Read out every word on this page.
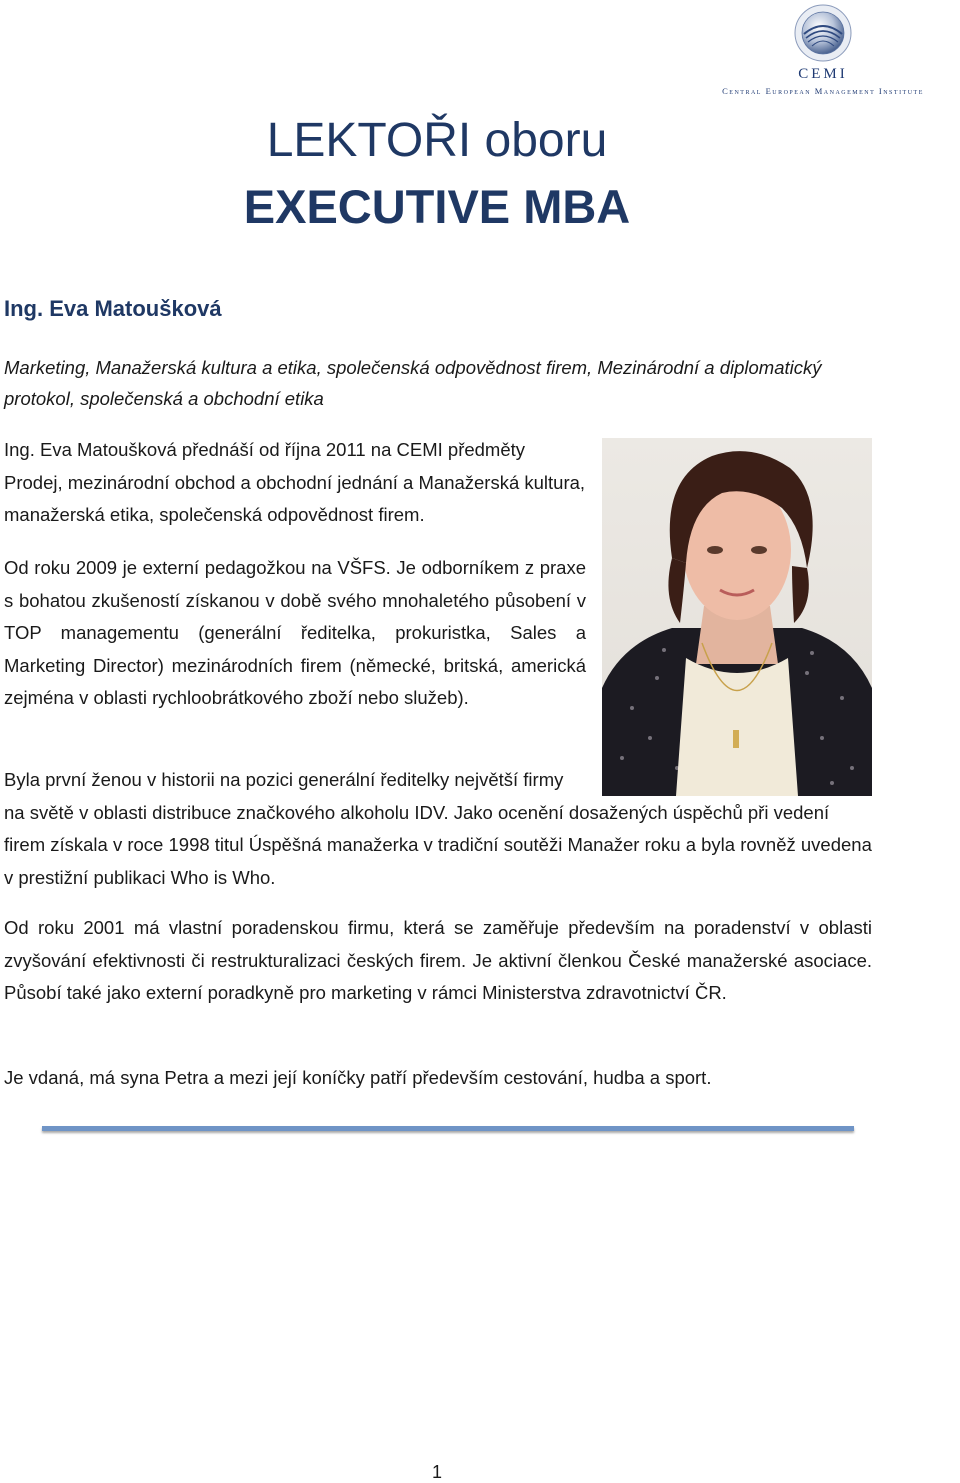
CEMI
Central European Management Institute
LEKTOŘI oboru
EXECUTIVE MBA
Ing. Eva Matoušková
Marketing, Manažerská kultura a etika, společenská odpovědnost firem, Mezinárodní a diplomatický protokol, společenská a obchodní etika
Ing. Eva Matoušková přednáší od října 2011 na CEMI předměty Prodej, mezinárodní obchod a obchodní jednání a Manažerská kultura, manažerská etika, společenská odpovědnost firem.
Od roku 2009 je externí pedagožkou na VŠFS. Je odborníkem z praxe s bohatou zkušeností získanou v době svého mnohaletého působení v TOP managementu (generální ředitelka, prokuristka, Sales a Marketing Director) mezinárodních firem (německé, britská, americká zejména v oblasti rychloobrátkového zboží nebo služeb).
Byla první ženou v historii na pozici generální ředitelky největší firmy na světě v oblasti distribuce značkového alkoholu IDV. Jako ocenění dosažených úspěchů při vedení firem získala v roce 1998 titul Úspěšná manažerka v tradiční soutěži Manažer roku a byla rovněž uvedena v prestižní publikaci Who is Who.
Od roku 2001 má vlastní poradenskou firmu, která se zaměřuje především na poradenství v oblasti zvyšování efektivnosti či restrukturalizaci českých firem. Je aktivní členkou České manažerské asociace. Působí také jako externí poradkyně pro marketing v rámci Ministerstva zdravotnictví ČR.
Je vdaná, má syna Petra a mezi její koníčky patří především cestování, hudba a sport.
1
